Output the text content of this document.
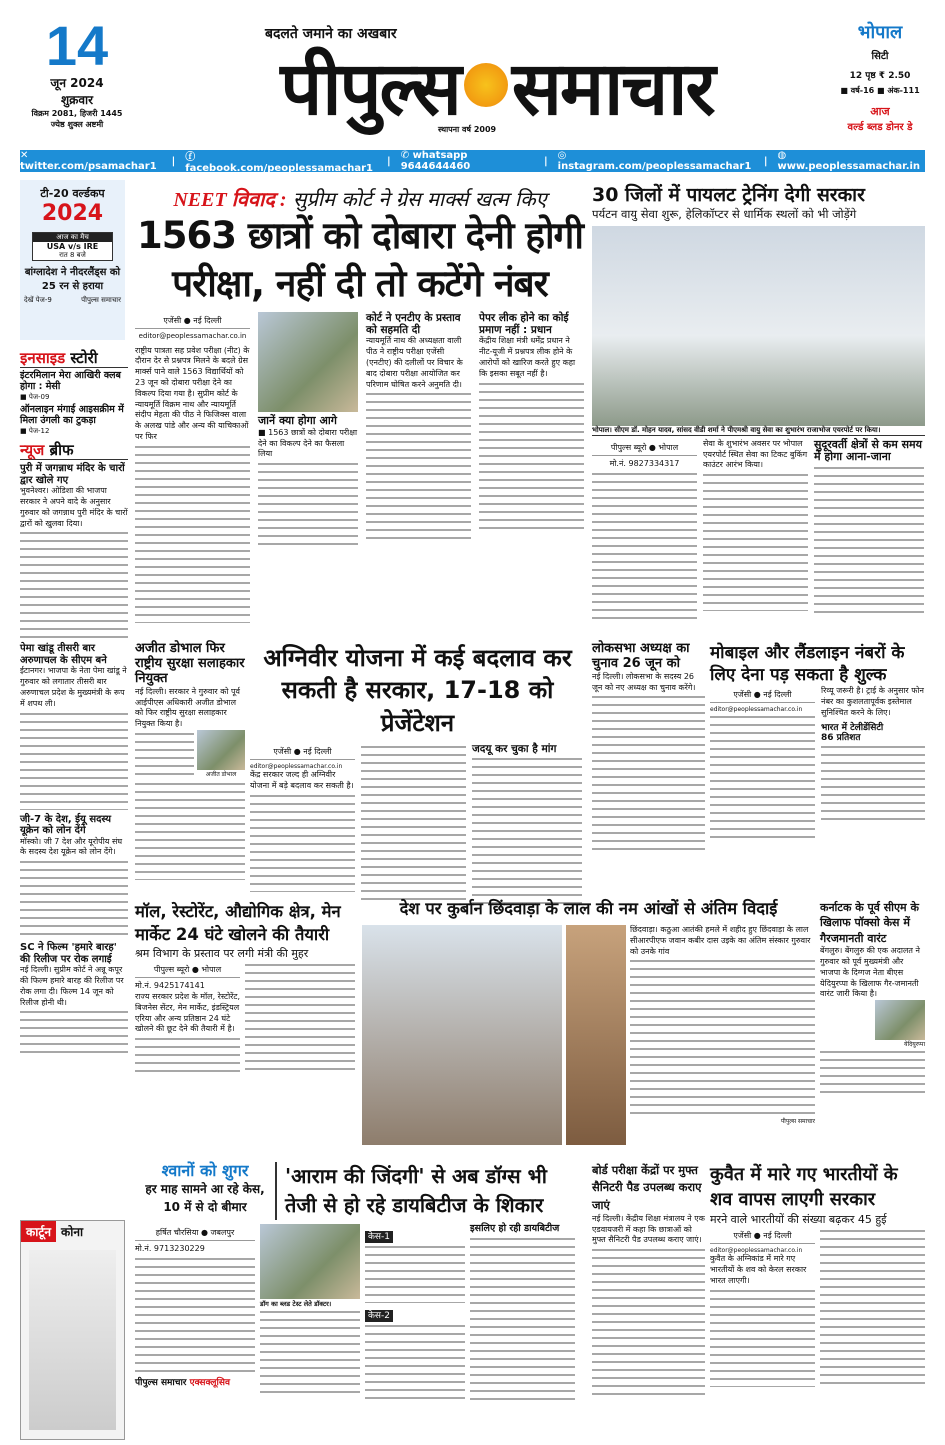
14
जून 2024
शुक्रवार
विक्रम 2081, हिजरी 1445
ज्येष्ठ शुक्ल अष्टमी
बदलते जमाने का अखबार
पीपुल्स समाचार
स्थापना वर्ष 2009
भोपाल
सिटी
12 पृष्ठ ₹ 2.50
■ वर्ष-16 ■ अंक-111
आज
वर्ल्ड ब्लड डोनर डे
✕ twitter.com/psamachar1	| ⓕ facebook.com/peoplessamachar1
| ✆ whatsapp 9644644460	| ◎ instagram.com/peoplessamachar1 | ◍ www.peoplessamachar.in
टी-20 वर्ल्डकप
2024
आज का मैच
USA v/s IRE
रात 8 बजे
बांग्लादेश ने नीदरलैंड्स को 25 रन से हराया
देखें पेज-9	पीपुल्स समाचार
इनसाइड स्टोरी
इंटरमिलान मेरा आखिरी क्लब होगा : मेसी
■ पेज-09
ऑनलाइन मंगाई आइसक्रीम में मिला उंगली का टुकड़ा
■ पेज-12
न्यूज ब्रीफ
पुरी में जगन्नाथ मंदिर के चारों द्वार खोले गए
भुवनेश्वर। ओडिशा की भाजपा सरकार ने अपने वादे के अनुसार गुरुवार को जगन्नाथ पुरी मंदिर के चारों द्वारों को खुलवा दिया।
पेमा खांडू तीसरी बार अरुणाचल के सीएम बने
ईटानगर। भाजपा के नेता पेमा खांडू ने गुरुवार को लगातार तीसरी बार अरुणाचल प्रदेश के मुख्यमंत्री के रूप में शपथ ली।
जी-7 के देश, ईयू सदस्य यूक्रेन को लोन देंगे
मॉस्को। जी 7 देश और यूरोपीय संघ के सदस्य देश यूक्रेन को लोन देंगे।
SC ने फिल्म 'हमारे बारह' की रिलीज पर रोक लगाई
नई दिल्ली। सुप्रीम कोर्ट ने अन्नू कपूर की फिल्म हमारे बारह की रिलीज पर रोक लगा दी। फिल्म 14 जून को रिलीज होनी थी।
कार्टून कोना
NEET विवाद : सुप्रीम कोर्ट ने ग्रेस मार्क्स खत्म किए
1563 छात्रों को दोबारा देनी होगी परीक्षा, नहीं दी तो कटेंगे नंबर
एजेंसी ● नई दिल्ली
editor@peoplessamachar.co.in
राष्ट्रीय पात्रता सह प्रवेश परीक्षा (नीट) के दौरान देर से प्रश्नपत्र मिलने के बदले ग्रेस मार्क्स पाने वाले 1563 विद्यार्थियों को 23 जून को दोबारा परीक्षा देने का विकल्प दिया गया है। सुप्रीम कोर्ट के न्यायमूर्ति विक्रम नाथ और न्यायमूर्ति संदीप मेहता की पीठ ने फिजिक्स वाला के अलख पांडे और अन्य की याचिकाओं पर फिर
जानें क्या होगा आगे
■ 1563 छात्रों को दोबारा परीक्षा देने का विकल्प देने का फैसला लिया
कोर्ट ने एनटीए के प्रस्ताव को सहमति दी
न्यायमूर्ति नाथ की अध्यक्षता वाली पीठ ने राष्ट्रीय परीक्षा एजेंसी (एनटीए) की दलीलों पर विचार के बाद दोबारा परीक्षा आयोजित कर परिणाम घोषित करने अनुमति दी।
पेपर लीक होने का कोई प्रमाण नहीं : प्रधान
केंद्रीय शिक्षा मंत्री धर्मेंद्र प्रधान ने नीट-यूजी में प्रश्नपत्र लीक होने के आरोपों को खारिज करते हुए कहा कि इसका सबूत नहीं है।
30 जिलों में पायलट ट्रेनिंग देगी सरकार
पर्यटन वायु सेवा शुरू, हेलिकॉप्टर से धार्मिक स्थलों को भी जोड़ेंगे
भोपाल। सीएम डॉ. मोहन यादव, सांसद वीडी शर्मा ने पीएमश्री वायु सेवा का शुभारंभ राजाभोज एयरपोर्ट पर किया।
पीपुल्स ब्यूरो ● भोपाल
मो.नं. 9827334317
सेवा के शुभारंभ अवसर पर भोपाल एयरपोर्ट स्थित सेवा का टिकट बुकिंग काउंटर आरंभ किया।
सुदूरवर्ती क्षेत्रों से कम समय में होगा आना-जाना
अजीत डोभाल फिर राष्ट्रीय सुरक्षा सलाहकार नियुक्त
नई दिल्ली। सरकार ने गुरुवार को पूर्व आईपीएस अधिकारी अजीत डोभाल को फिर राष्ट्रीय सुरक्षा सलाहकार नियुक्त किया है।
अजीत डोभाल
अग्निवीर योजना में कई बदलाव कर सकती है सरकार, 17-18 को प्रेजेंटेशन
एजेंसी ● नई दिल्ली
editor@peoplessamachar.co.in
केंद्र सरकार जल्द ही अग्निवीर योजना में बड़े बदलाव कर सकती है।
जदयू कर चुका है मांग
लोकसभा अध्यक्ष का चुनाव 26 जून को
नई दिल्ली। लोकसभा के सदस्य 26 जून को नए अध्यक्ष का चुनाव करेंगे।
मोबाइल और लैंडलाइन नंबरों के लिए देना पड़ सकता है शुल्क
एजेंसी ● नई दिल्ली
editor@peoplessamachar.co.in
रिव्यू जरूरी है। ट्राई के अनुसार फोन नंबर का कुशलतापूर्वक इस्तेमाल सुनिश्चित करने के लिए।
भारत में टेलीडेंसिटी
86 प्रतिशत
मॉल, रेस्टोरेंट, औद्योगिक क्षेत्र, मेन मार्केट 24 घंटे खोलने की तैयारी
श्रम विभाग के प्रस्ताव पर लगी मंत्री की मुहर
पीपुल्स ब्यूरो ● भोपाल
मो.नं. 9425174141
राज्य सरकार प्रदेश के मॉल, रेस्टोरेंट, बिजनेस सेंटर, मेन मार्केट, इंडस्ट्रियल एरिया और अन्य प्रतिष्ठान 24 घंटे खोलने की छूट देने की तैयारी में है।
देश पर कुर्बान छिंदवाड़ा के लाल की नम आंखों से अंतिम विदाई
छिंदवाड़ा। कठुआ आतंकी हमले में शहीद हुए छिंदवाड़ा के लाल सीआरपीएफ जवान कबीर दास उइके का अंतिम संस्कार गुरुवार को उनके गांव
पीपुल्स समाचार
कर्नाटक के पूर्व सीएम के खिलाफ पॉक्सो केस में गैरजमानती वारंट
बेंगलुरु। बेंगलुरु की एक अदालत ने गुरुवार को पूर्व मुख्यमंत्री और भाजपा के दिग्गज नेता बीएस येदियुरप्पा के खिलाफ गैर-जमानती वारंट जारी किया है।
येदियुरप्पा
श्वानों को शुगर
हर माह सामने आ रहे केस, 10 में से दो बीमार
'आराम की जिंदगी' से अब डॉग्स भी तेजी से हो रहे डायबिटीज के शिकार
हर्षित चौरसिया ● जबलपुर
मो.नं. 9713230229
पीपुल्स समाचार एक्सक्लूसिव
डॉग का ब्लड टेस्ट लेते डॉक्टर।
केस-1
केस-2
इसलिए हो रही डायबिटीज
बोर्ड परीक्षा केंद्रों पर मुफ्त सैनिटरी पैड उपलब्ध कराए जाएं
नई दिल्ली। केंद्रीय शिक्षा मंत्रालय ने एक एडवायजरी में कहा कि छात्राओं को मुफ्त सैनिटरी पैड उपलब्ध कराए जाएं।
कुवैत में मारे गए भारतीयों के शव वापस लाएगी सरकार
मरने वाले भारतीयों की संख्या बढ़कर 45 हुई
एजेंसी ● नई दिल्ली
editor@peoplessamachar.co.in
कुवैत के अग्निकांड में मारे गए भारतीयों के शव को केरल सरकार भारत लाएगी।
